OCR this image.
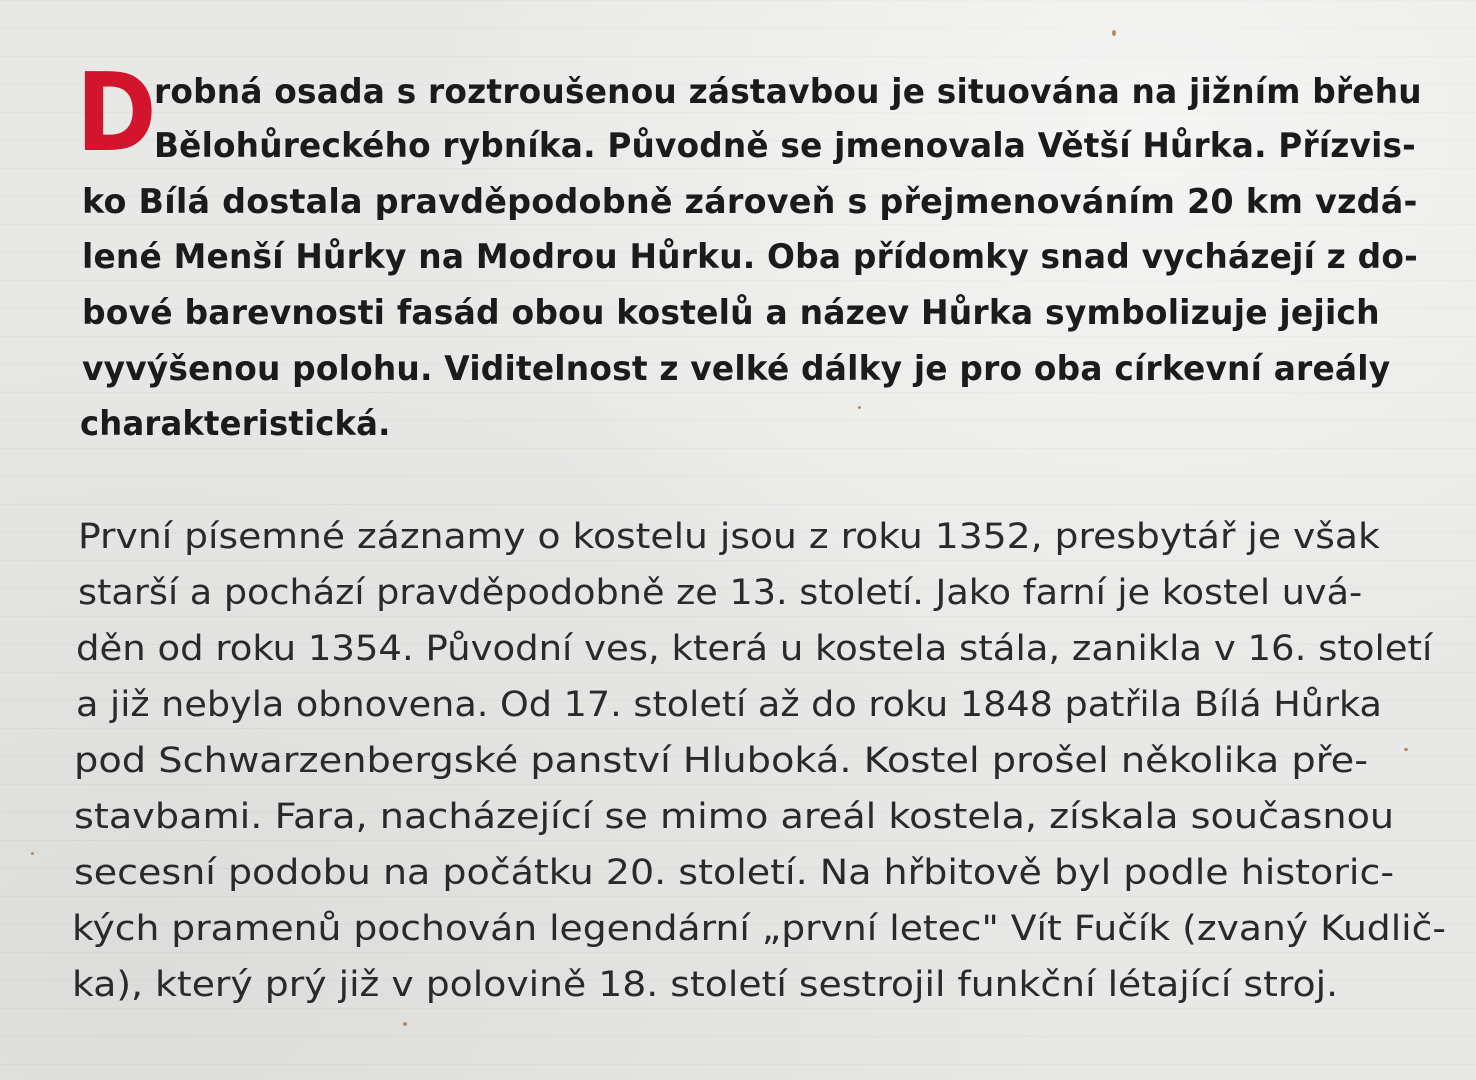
D
robná osada s roztroušenou zástavbou je situována na jižním břehu
Bělohůreckého rybníka. Původně se jmenovala Větší Hůrka. Přízvis-
ko Bílá dostala pravděpodobně zároveň s přejmenováním 20 km vzdá-
lené Menší Hůrky na Modrou Hůrku. Oba přídomky snad vycházejí z do-
bové barevnosti fasád obou kostelů a název Hůrka symbolizuje jejich
vyvýšenou polohu. Viditelnost z velké dálky je pro oba církevní areály
charakteristická.
První písemné záznamy o kostelu jsou z roku 1352, presbytář je však
starší a pochází pravděpodobně ze 13. století. Jako farní je kostel uvá-
děn od roku 1354. Původní ves, která u kostela stála, zanikla v 16. století
a již nebyla obnovena. Od 17. století až do roku 1848 patřila Bílá Hůrka
pod Schwarzenbergské panství Hluboká. Kostel prošel několika pře-
stavbami. Fara, nacházející se mimo areál kostela, získala současnou
secesní podobu na počátku 20. století. Na hřbitově byl podle historic-
kých pramenů pochován legendární „první letec" Vít Fučík (zvaný Kudlič-
ka), který prý již v polovině 18. století sestrojil funkční létající stroj.
